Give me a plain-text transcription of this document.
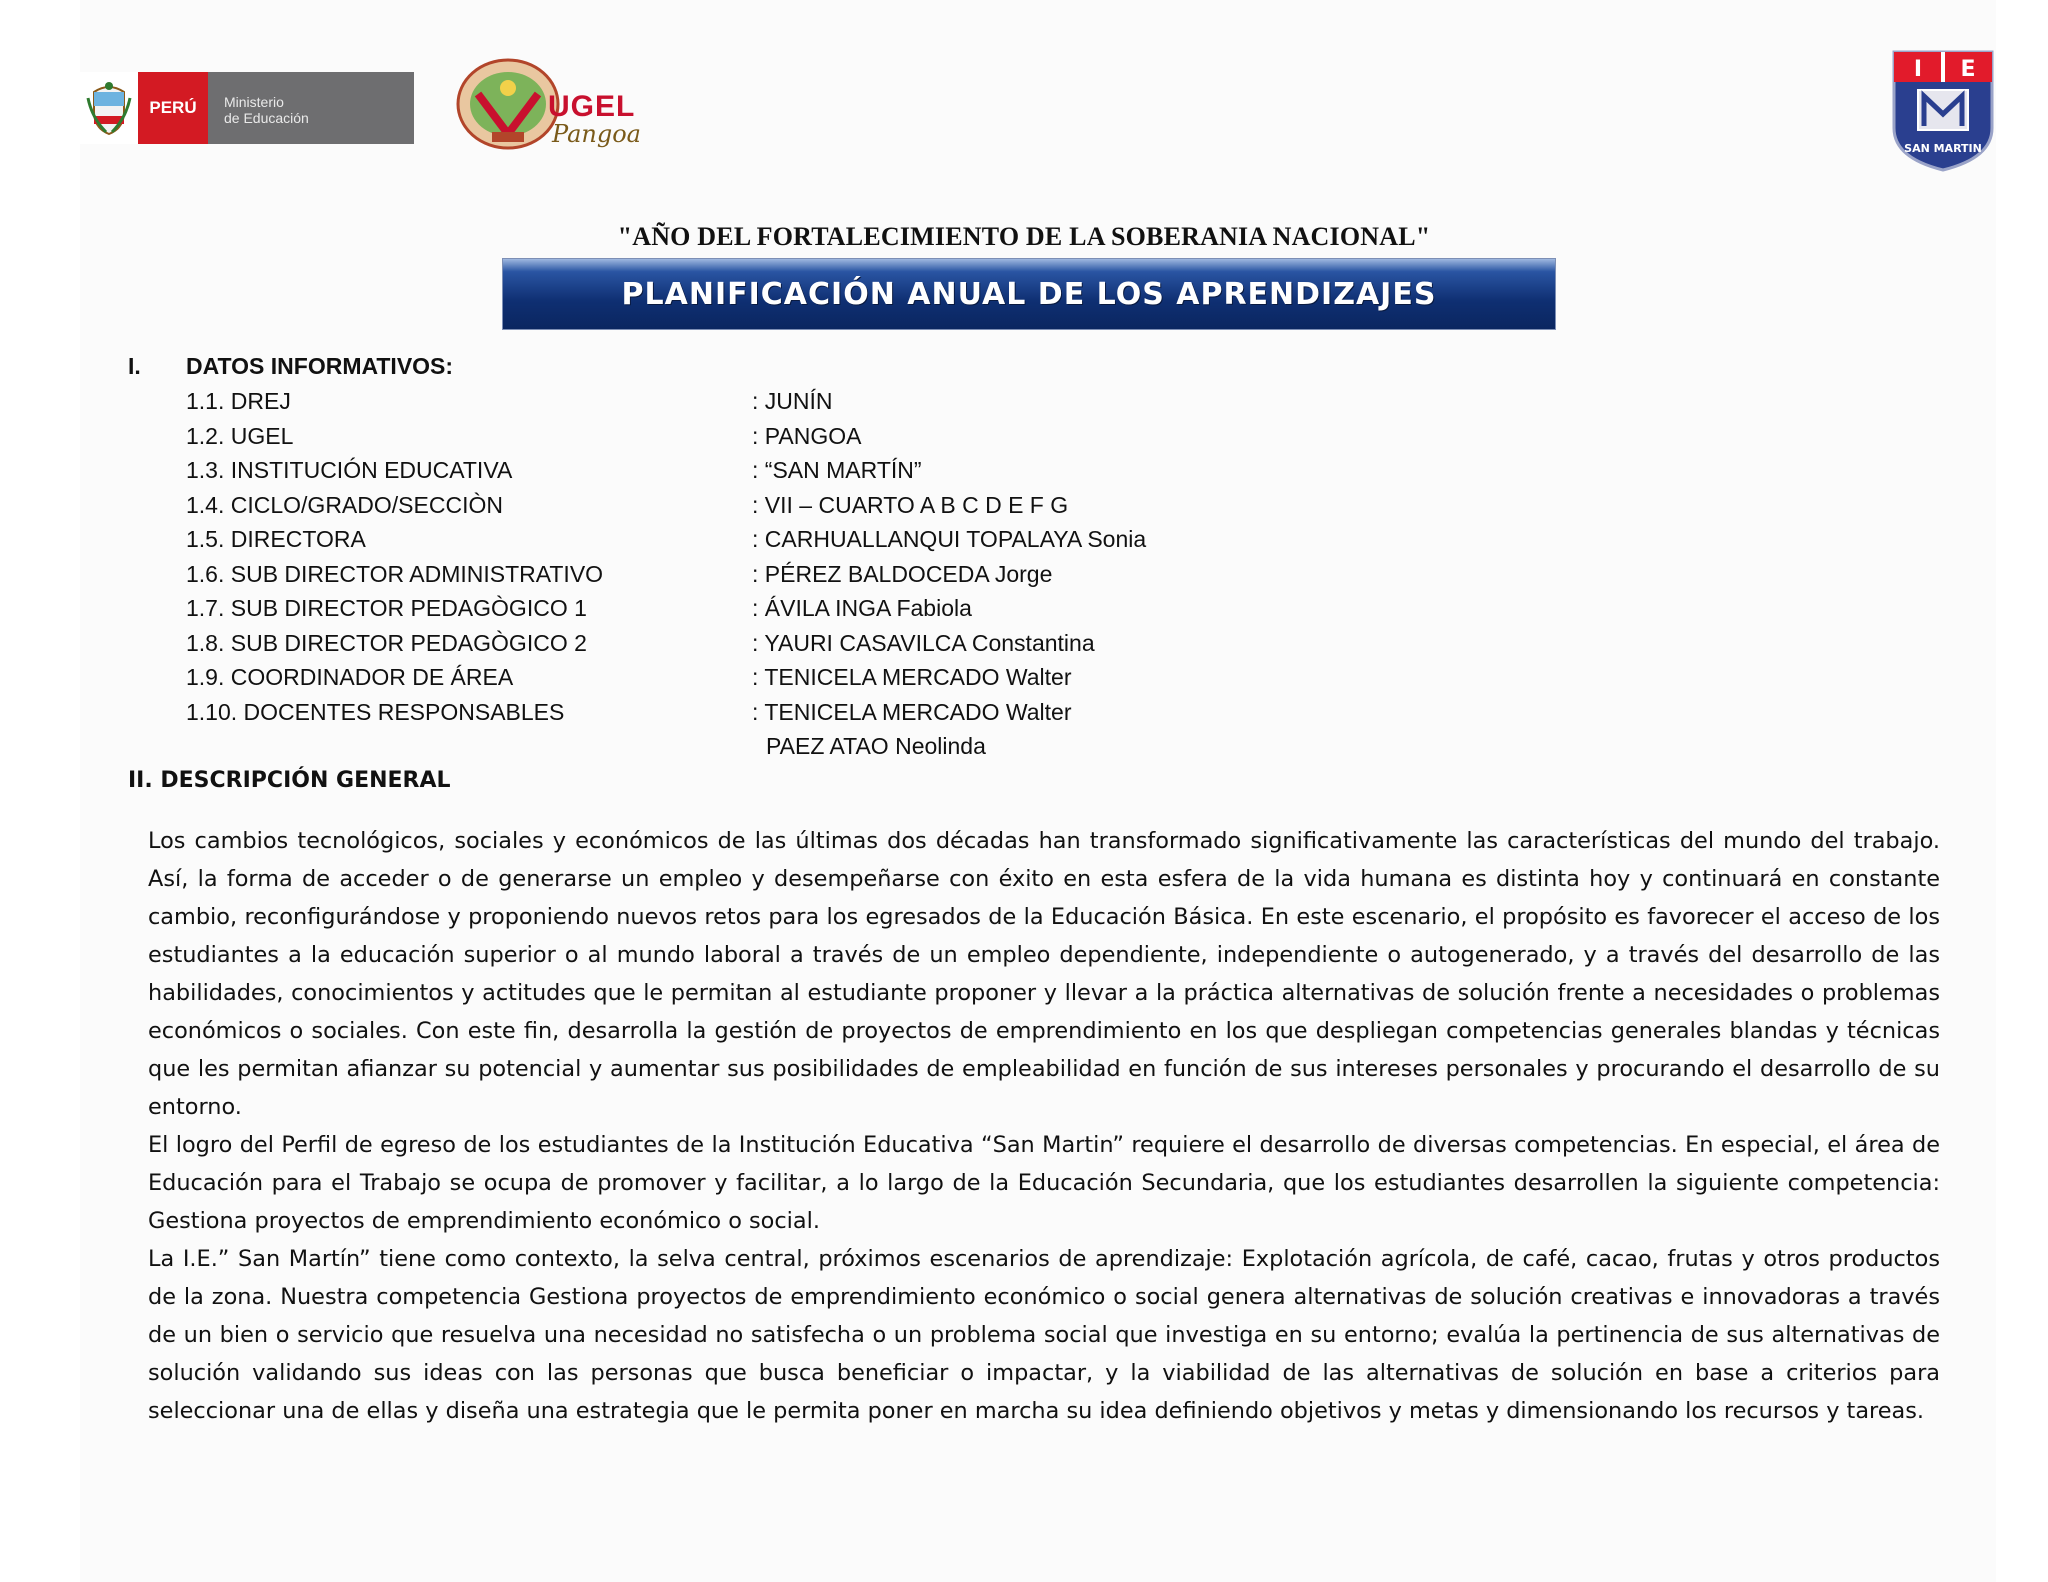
PERÚ	Ministerio
de Educación	UGEL
Pangoa
I E
SAN MARTIN
"AÑO DEL FORTALECIMIENTO DE LA SOBERANIA NACIONAL"
PLANIFICACIÓN ANUAL DE LOS APRENDIZAJES
I. DATOS INFORMATIVOS:
1.1. DREJ	: JUNÍN
1.2. UGEL	: PANGOA
1.3. INSTITUCIÓN EDUCATIVA	: “SAN MARTÍN”
1.4. CICLO/GRADO/SECCIÒN	: VII – CUARTO A B C D E F G
1.5. DIRECTORA	: CARHUALLANQUI TOPALAYA Sonia
1.6. SUB DIRECTOR ADMINISTRATIVO	: PÉREZ BALDOCEDA Jorge
1.7. SUB DIRECTOR PEDAGÒGICO 1	: ÁVILA INGA Fabiola
1.8. SUB DIRECTOR PEDAGÒGICO 2	: YAURI CASAVILCA Constantina
1.9. COORDINADOR DE ÁREA	: TENICELA MERCADO Walter
1.10. DOCENTES RESPONSABLES	: TENICELA MERCADO Walter
PAEZ ATAO Neolinda
II. DESCRIPCIÓN GENERAL

Los cambios tecnológicos, sociales y económicos de las últimas dos décadas han transformado significativamente las características del mundo del trabajo. Así, la forma de acceder o de generarse un empleo y desempeñarse con éxito en esta esfera de la vida humana es distinta hoy y continuará en constante cambio, reconfigurándose y proponiendo nuevos retos para los egresados de la Educación Básica. En este escenario, el propósito es favorecer el acceso de los estudiantes a la educación superior o al mundo laboral a través de un empleo dependiente, independiente o autogenerado, y a través del desarrollo de las habilidades, conocimientos y actitudes que le permitan al estudiante proponer y llevar a la práctica alternativas de solución frente a necesidades o problemas económicos o sociales. Con este fin, desarrolla la gestión de proyectos de emprendimiento en los que despliegan competencias generales blandas y técnicas que les permitan afianzar su potencial y aumentar sus posibilidades de empleabilidad en función de sus intereses personales y procurando el desarrollo de su entorno.

El logro del Perfil de egreso de los estudiantes de la Institución Educativa “San Martin” requiere el desarrollo de diversas competencias. En especial, el área de Educación para el Trabajo se ocupa de promover y facilitar, a lo largo de la Educación Secundaria, que los estudiantes desarrollen la siguiente competencia: Gestiona proyectos de emprendimiento económico o social.

La I.E.” San Martín” tiene como contexto, la selva central, próximos escenarios de aprendizaje: Explotación agrícola, de café, cacao, frutas y otros productos de la zona. Nuestra competencia Gestiona proyectos de emprendimiento económico o social genera alternativas de solución creativas e innovadoras a través de un bien o servicio que resuelva una necesidad no satisfecha o un problema social que investiga en su entorno; evalúa la pertinencia de sus alternativas de solución validando sus ideas con las personas que busca beneficiar o impactar, y la viabilidad de las alternativas de solución en base a criterios para seleccionar una de ellas y diseña una estrategia que le permita poner en marcha su idea definiendo objetivos y metas y dimensionando los recursos y tareas.
